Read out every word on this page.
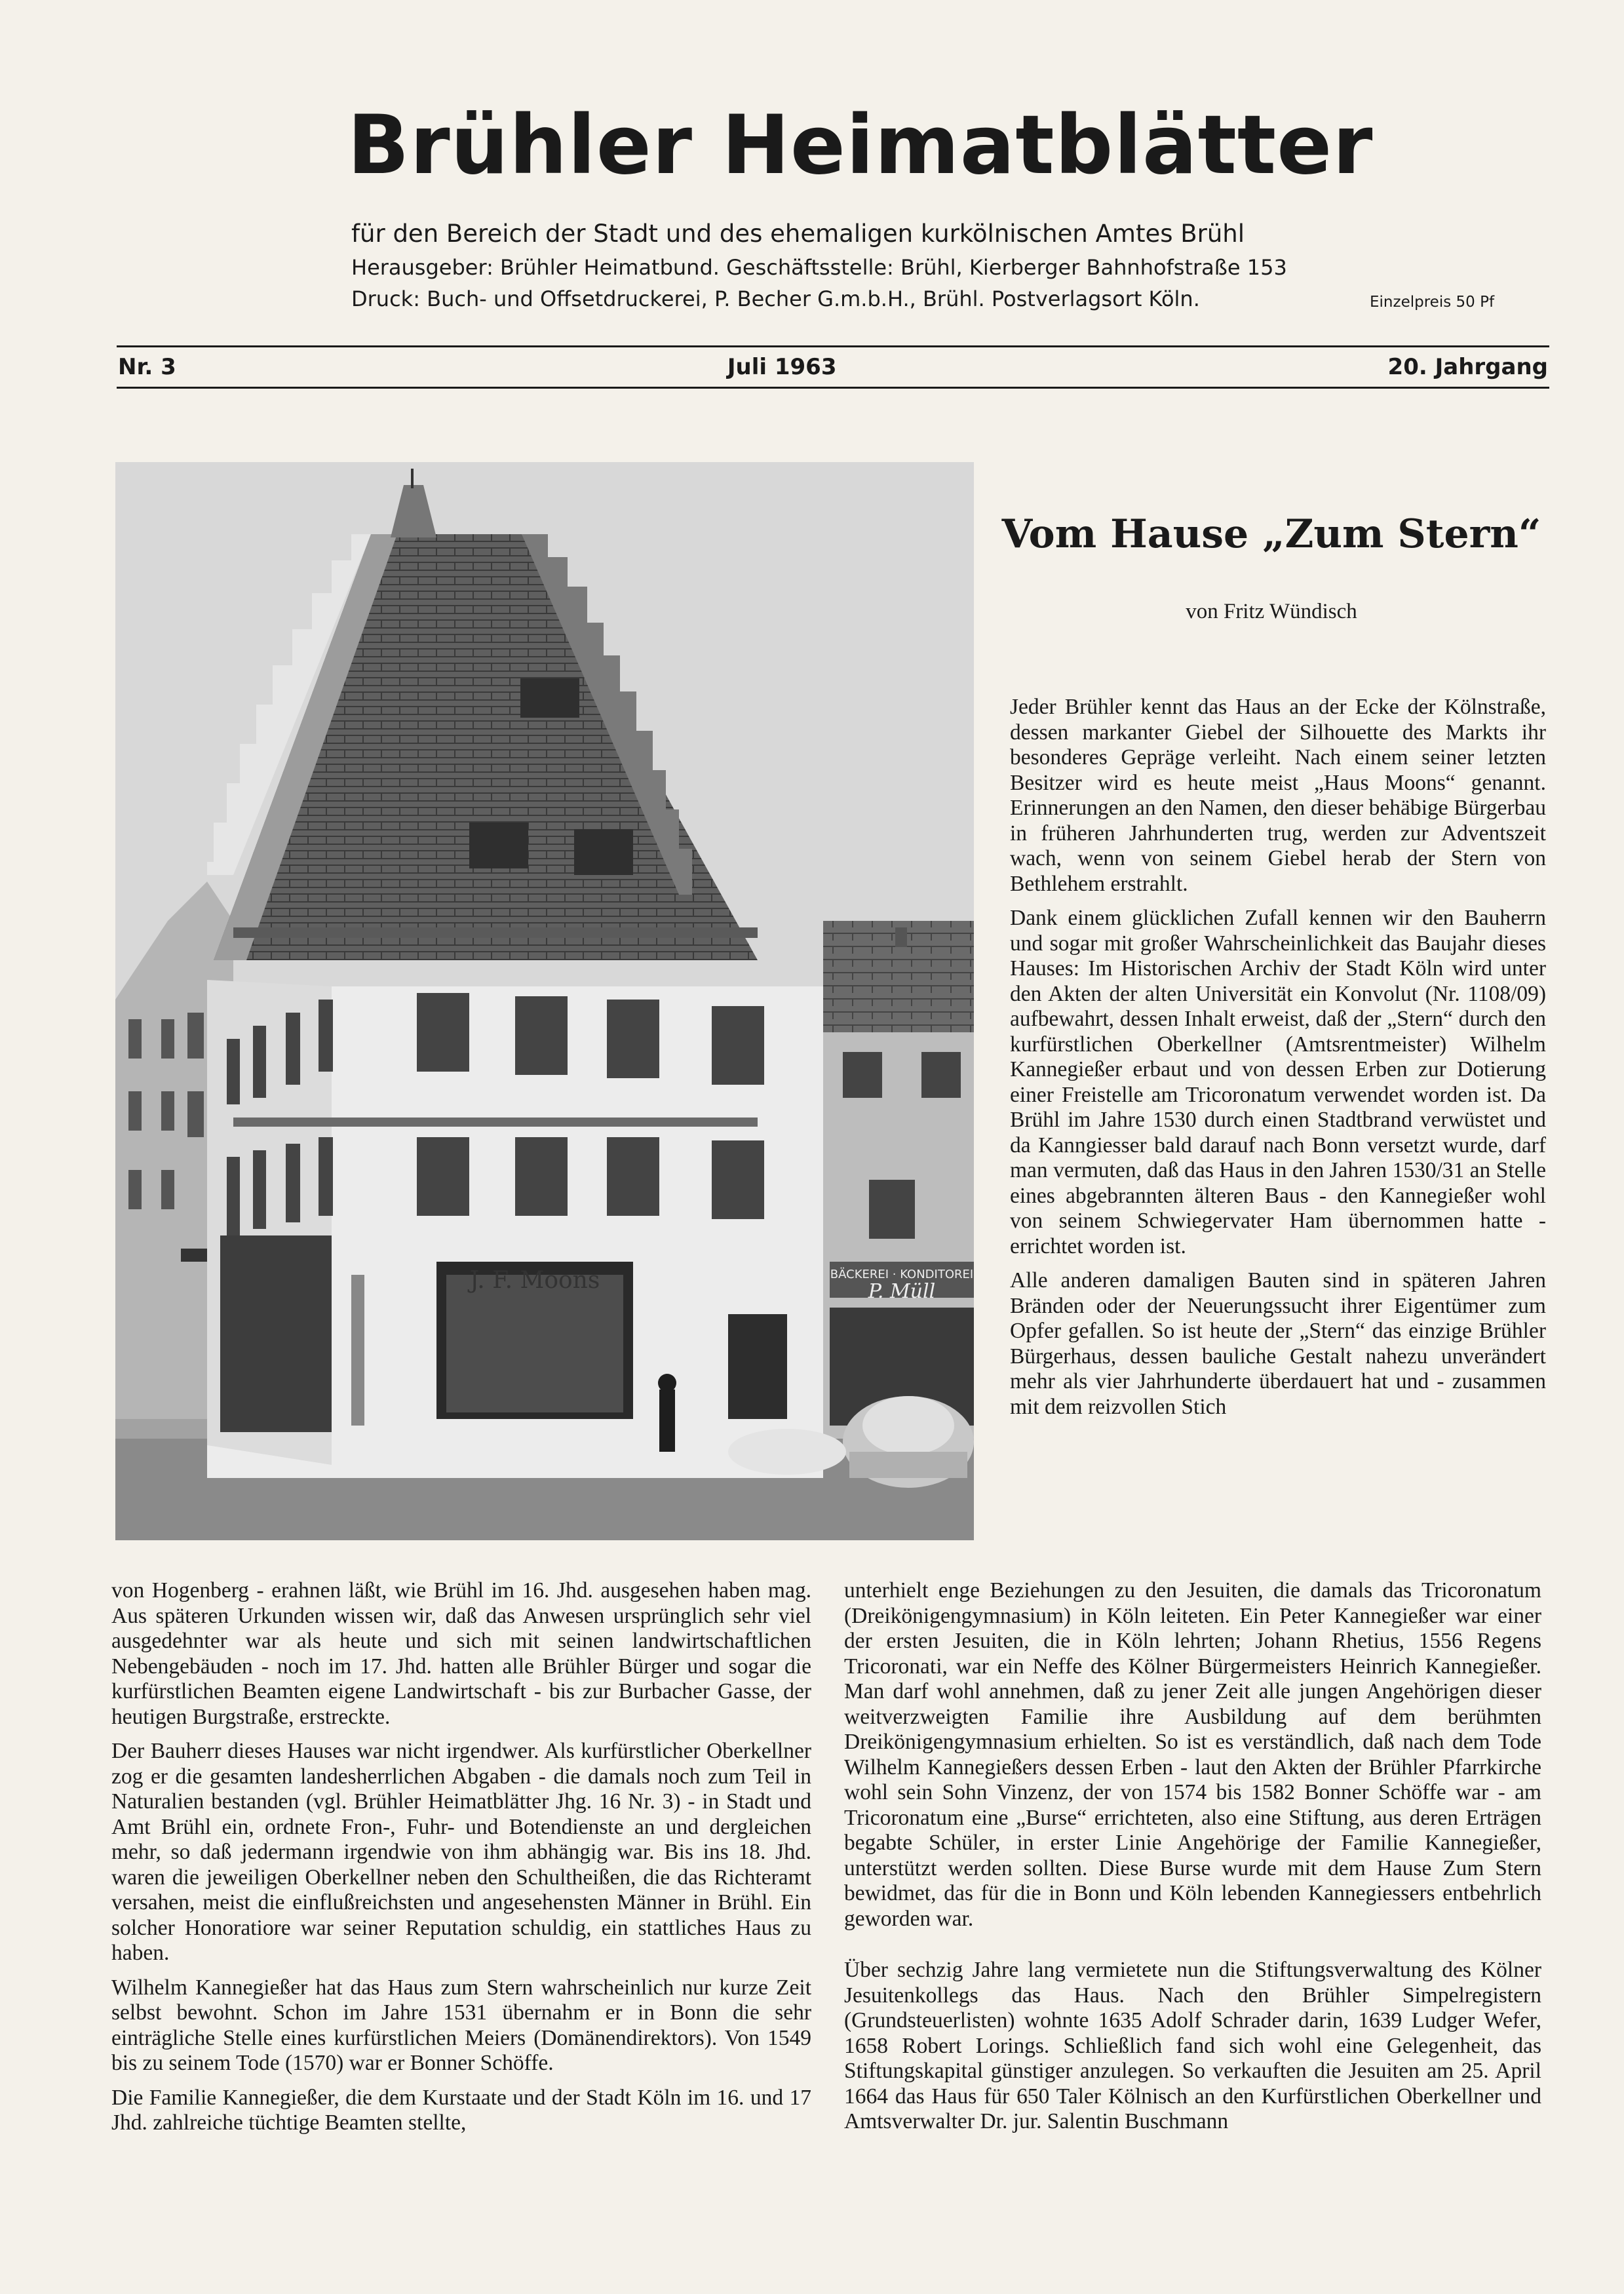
Brühler Heimatblätter
für den Bereich der Stadt und des ehemaligen kurkölnischen Amtes Brühl
Herausgeber: Brühler Heimatbund. Geschäftsstelle: Brühl, Kierberger Bahnhofstraße 153
Druck: Buch- und Offsetdruckerei, P. Becher G.m.b.H., Brühl. Postverlagsort Köln.	Einzelpreis 50 Pf
Nr. 3	Juli 1963	20. Jahrgang
J. F. Moons	BÄCKEREI · KONDITOREI
P. Müll
Vom Hause „Zum Stern“
von Fritz Wündisch

Jeder Brühler kennt das Haus an der Ecke der Kölnstraße, dessen markanter Giebel der Silhouette des Markts ihr besonderes Gepräge verleiht. Nach einem seiner letzten Besitzer wird es heute meist „Haus Moons“ genannt. Erinnerungen an den Namen, den dieser behäbige Bürgerbau in früheren Jahrhunderten trug, werden zur Adventszeit wach, wenn von seinem Giebel herab der Stern von Bethlehem erstrahlt.

Dank einem glücklichen Zufall kennen wir den Bauherrn und sogar mit großer Wahrscheinlichkeit das Baujahr dieses Hauses: Im Historischen Archiv der Stadt Köln wird unter den Akten der alten Universität ein Konvolut (Nr. 1108/09) aufbewahrt, dessen Inhalt erweist, daß der „Stern“ durch den kurfürstlichen Oberkellner (Amtsrentmeister) Wilhelm Kannegießer erbaut und von dessen Erben zur Dotierung einer Freistelle am Tricoronatum verwendet worden ist. Da Brühl im Jahre 1530 durch einen Stadtbrand verwüstet und da Kanngiesser bald darauf nach Bonn versetzt wurde, darf man vermuten, daß das Haus in den Jahren 1530/31 an Stelle eines abgebrannten älteren Baus - den Kannegießer wohl von seinem Schwiegervater Ham übernommen hatte - errichtet worden ist.

Alle anderen damaligen Bauten sind in späteren Jahren Bränden oder der Neuerungssucht ihrer Eigentümer zum Opfer gefallen. So ist heute der „Stern“ das einzige Brühler Bürgerhaus, dessen bauliche Gestalt nahezu unverändert mehr als vier Jahrhunderte überdauert hat und - zusammen mit dem reizvollen Stich

von Hogenberg - erahnen läßt, wie Brühl im 16. Jhd. ausgesehen haben mag. Aus späteren Urkunden wissen wir, daß das Anwesen ursprünglich sehr viel ausgedehnter war als heute und sich mit seinen landwirtschaftlichen Nebengebäuden - noch im 17. Jhd. hatten alle Brühler Bürger und sogar die kurfürstlichen Beamten eigene Landwirtschaft - bis zur Burbacher Gasse, der heutigen Burgstraße, erstreckte.

Der Bauherr dieses Hauses war nicht irgendwer. Als kurfürstlicher Oberkellner zog er die gesamten landesherrlichen Abgaben - die damals noch zum Teil in Naturalien bestanden (vgl. Brühler Heimatblätter Jhg. 16 Nr. 3) - in Stadt und Amt Brühl ein, ordnete Fron-, Fuhr- und Botendienste an und dergleichen mehr, so daß jedermann irgendwie von ihm abhängig war. Bis ins 18. Jhd. waren die jeweiligen Oberkellner neben den Schultheißen, die das Richteramt versahen, meist die einflußreichsten und angesehensten Männer in Brühl. Ein solcher Honoratiore war seiner Reputation schuldig, ein stattliches Haus zu haben.

Wilhelm Kannegießer hat das Haus zum Stern wahrscheinlich nur kurze Zeit selbst bewohnt. Schon im Jahre 1531 übernahm er in Bonn die sehr einträgliche Stelle eines kurfürstlichen Meiers (Domänendirektors). Von 1549 bis zu seinem Tode (1570) war er Bonner Schöffe.

Die Familie Kannegießer, die dem Kurstaate und der Stadt Köln im 16. und 17 Jhd. zahlreiche tüchtige Beamten stellte,

unterhielt enge Beziehungen zu den Jesuiten, die damals das Tricoronatum (Dreikönigengymnasium) in Köln leiteten. Ein Peter Kannegießer war einer der ersten Jesuiten, die in Köln lehrten; Johann Rhetius, 1556 Regens Tricoronati, war ein Neffe des Kölner Bürgermeisters Heinrich Kannegießer. Man darf wohl annehmen, daß zu jener Zeit alle jungen Angehörigen dieser weitverzweigten Familie ihre Ausbildung auf dem berühmten Dreikönigengymnasium erhielten. So ist es verständlich, daß nach dem Tode Wilhelm Kannegießers dessen Erben - laut den Akten der Brühler Pfarrkirche wohl sein Sohn Vinzenz, der von 1574 bis 1582 Bonner Schöffe war - am Tricoronatum eine „Burse“ errichteten, also eine Stiftung, aus deren Erträgen begabte Schüler, in erster Linie Angehörige der Familie Kannegießer, unterstützt werden sollten. Diese Burse wurde mit dem Hause Zum Stern bewidmet, das für die in Bonn und Köln lebenden Kannegiessers entbehrlich geworden war.

Über sechzig Jahre lang vermietete nun die Stiftungsverwaltung des Kölner Jesuitenkollegs das Haus. Nach den Brühler Simpelregistern (Grundsteuerlisten) wohnte 1635 Adolf Schrader darin, 1639 Ludger Wefer, 1658 Robert Lorings. Schließlich fand sich wohl eine Gelegenheit, das Stiftungskapital günstiger anzulegen. So verkauften die Jesuiten am 25. April 1664 das Haus für 650 Taler Kölnisch an den Kurfürstlichen Oberkellner und Amtsverwalter Dr. jur. Salentin Buschmann
